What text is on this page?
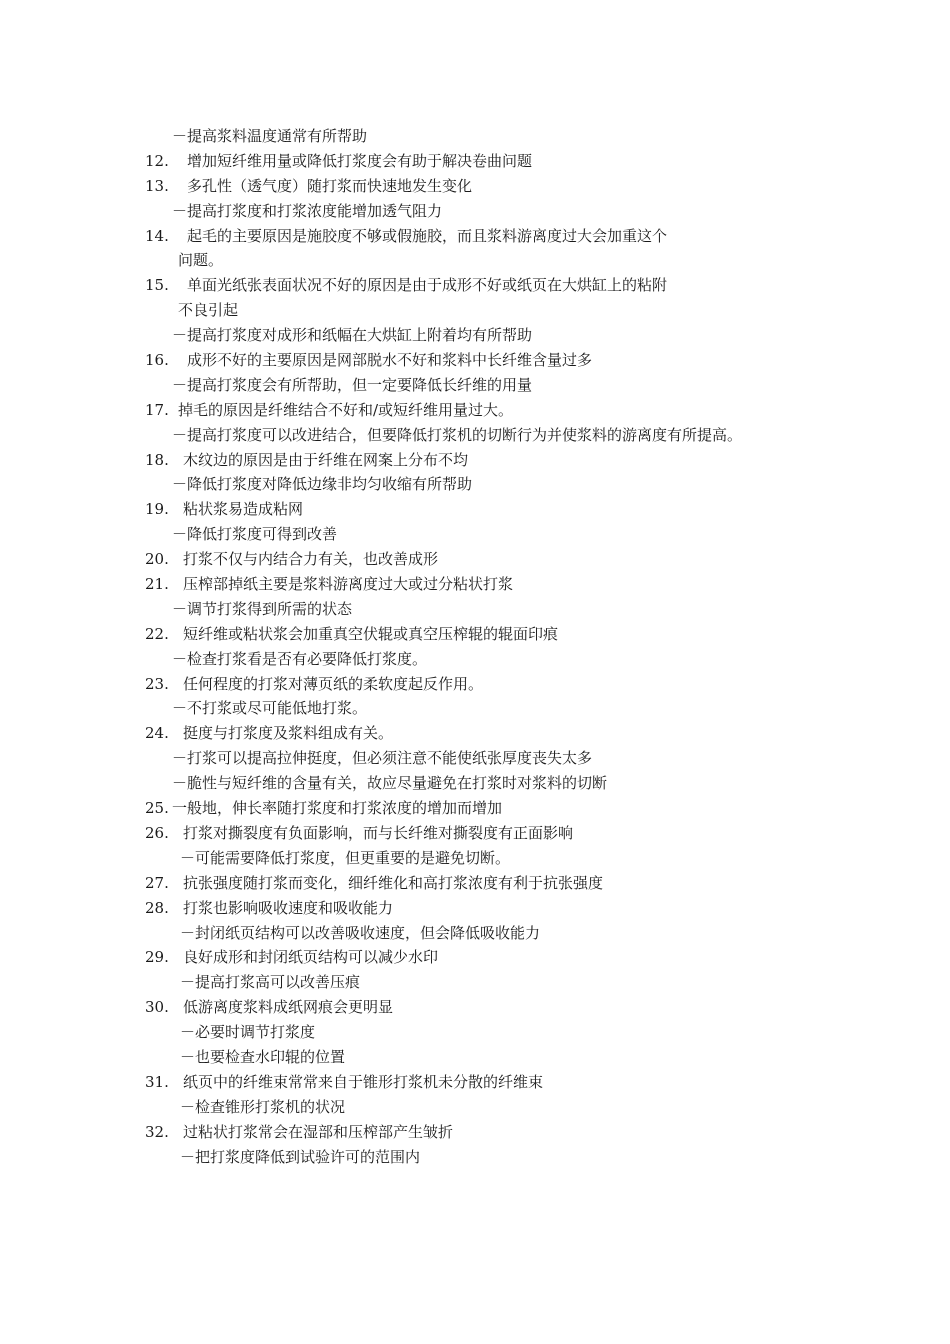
－提高浆料温度通常有所帮助
12. 增加短纤维用量或降低打浆度会有助于解决卷曲问题
13. 多孔性（透气度）随打浆而快速地发生变化
－提高打浆度和打浆浓度能增加透气阻力
14. 起毛的主要原因是施胶度不够或假施胶，而且浆料游离度过大会加重这个
问题。
15. 单面光纸张表面状况不好的原因是由于成形不好或纸页在大烘缸上的粘附
不良引起
－提高打浆度对成形和纸幅在大烘缸上附着均有所帮助
16. 成形不好的主要原因是网部脱水不好和浆料中长纤维含量过多
－提高打浆度会有所帮助，但一定要降低长纤维的用量
17. 掉毛的原因是纤维结合不好和/或短纤维用量过大。
－提高打浆度可以改进结合，但要降低打浆机的切断行为并使浆料的游离度有所提高。
18. 木纹边的原因是由于纤维在网案上分布不均
－降低打浆度对降低边缘非均匀收缩有所帮助
19. 粘状浆易造成粘网
－降低打浆度可得到改善
20. 打浆不仅与内结合力有关，也改善成形
21. 压榨部掉纸主要是浆料游离度过大或过分粘状打浆
－调节打浆得到所需的状态
22. 短纤维或粘状浆会加重真空伏辊或真空压榨辊的辊面印痕
－检查打浆看是否有必要降低打浆度。
23. 任何程度的打浆对薄页纸的柔软度起反作用。
－不打浆或尽可能低地打浆。
24. 挺度与打浆度及浆料组成有关。
－打浆可以提高拉伸挺度，但必须注意不能使纸张厚度丧失太多
－脆性与短纤维的含量有关，故应尽量避免在打浆时对浆料的切断
25. 一般地，伸长率随打浆度和打浆浓度的增加而增加
26. 打浆对撕裂度有负面影响，而与长纤维对撕裂度有正面影响
－可能需要降低打浆度，但更重要的是避免切断。
27. 抗张强度随打浆而变化，细纤维化和高打浆浓度有利于抗张强度
28. 打浆也影响吸收速度和吸收能力
－封闭纸页结构可以改善吸收速度，但会降低吸收能力
29. 良好成形和封闭纸页结构可以减少水印
－提高打浆高可以改善压痕
30. 低游离度浆料成纸网痕会更明显
－必要时调节打浆度
－也要检查水印辊的位置
31. 纸页中的纤维束常常来自于锥形打浆机未分散的纤维束
－检查锥形打浆机的状况
32. 过粘状打浆常会在湿部和压榨部产生皱折
－把打浆度降低到试验许可的范围内
